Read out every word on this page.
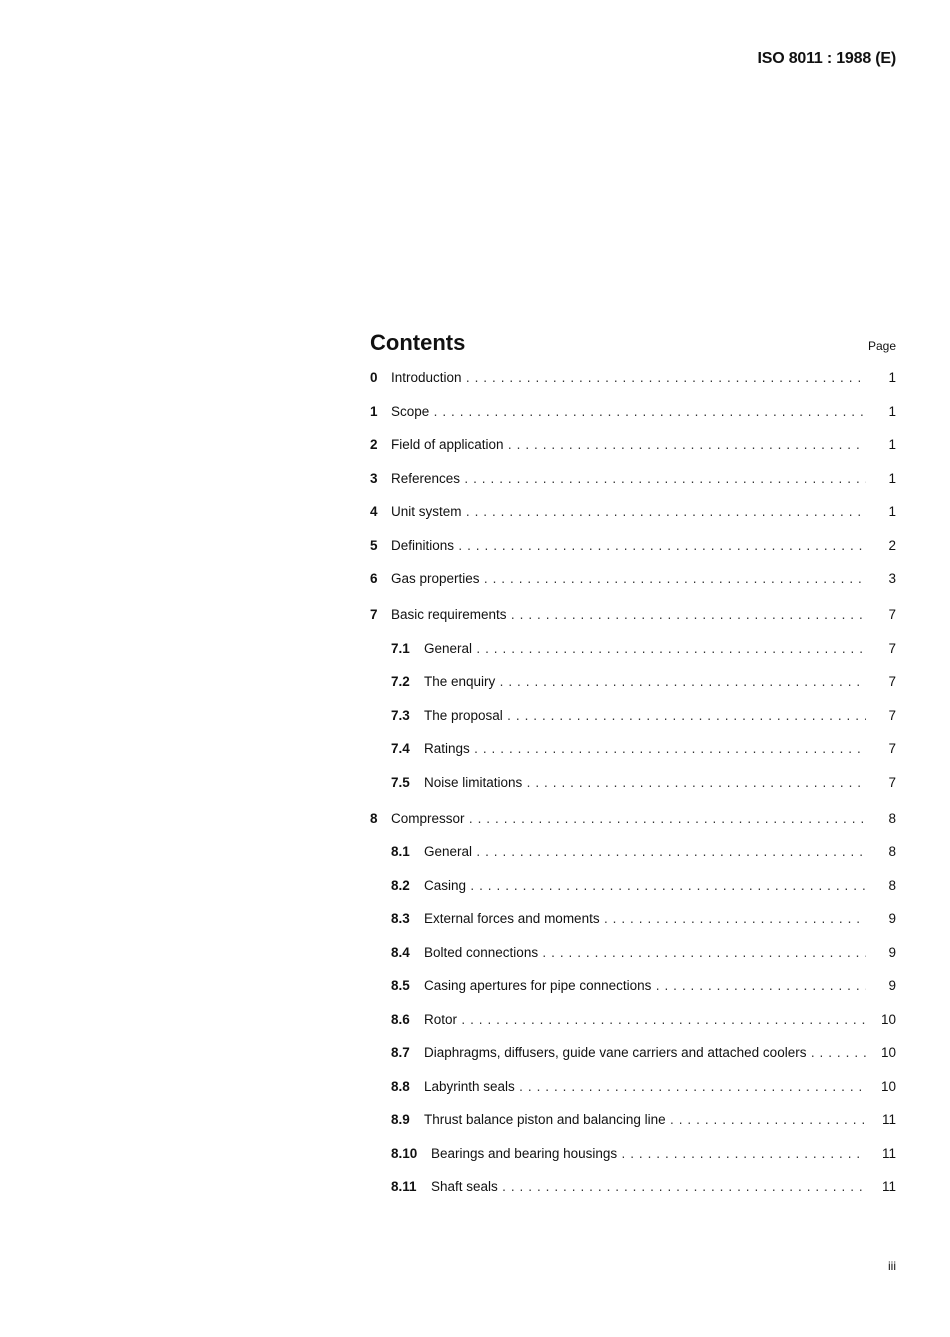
ISO 8011 : 1988 (E)
Contents	Page
0 Introduction . . .	1
1 Scope . . .	1
2 Field of application . . .	1
3 References . . .	1
4 Unit system . . .	1
5 Definitions . . .	2
6 Gas properties . . .	3
7 Basic requirements . . .	7
7.1 General . . .	7
7.2 The enquiry . . .	7
7.3 The proposal . . .	7
7.4 Ratings . . .	7
7.5 Noise limitations . . .	7
8 Compressor . . .	8
8.1 General . . .	8
8.2 Casing . . .	8
8.3 External forces and moments . . .	9
8.4 Bolted connections . . .	9
8.5 Casing apertures for pipe connections . . .	9
8.6 Rotor . . .	10
8.7 Diaphragms, diffusers, guide vane carriers and attached coolers . . .	10
8.8 Labyrinth seals . . .	10
8.9 Thrust balance piston and balancing line . . .	11
8.10 Bearings and bearing housings . . .	11
8.11 Shaft seals . . .	11
iii
